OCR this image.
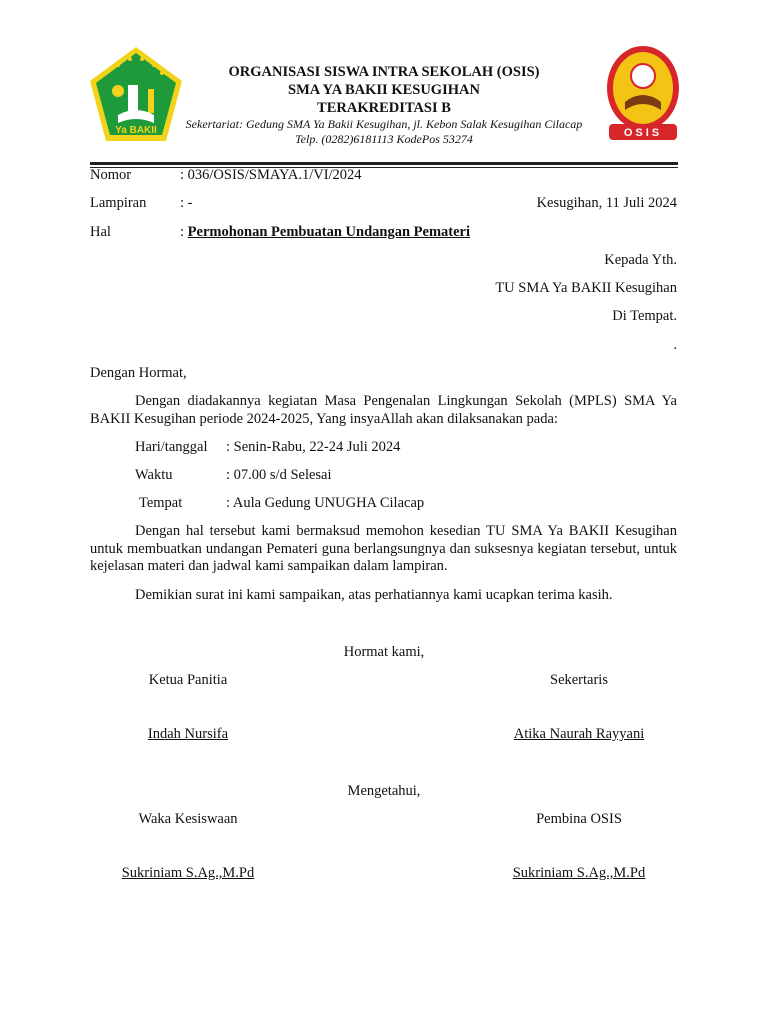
Ya BAKII	OSIS
ORGANISASI SISWA INTRA SEKOLAH (OSIS)
SMA YA BAKII KESUGIHAN
TERAKREDITASI B
Sekertariat: Gedung SMA Ya Bakii Kesugihan, jl. Kebon Salak Kesugihan Cilacap
Telp. (0282)6181113 KodePos 53274
Nomor	: 036/OSIS/SMAYA.1/VI/2024
Lampiran : -	Kesugihan, 11 Juli 2024
Hal	: Permohonan Pembuatan Undangan Pemateri
Kepada Yth.
TU SMA Ya BAKII Kesugihan
Di Tempat.
.
Dengan Hormat,

Dengan diadakannya kegiatan Masa Pengenalan Lingkungan Sekolah (MPLS) SMA Ya BAKII Kesugihan periode 2024-2025, Yang insyaAllah akan dilaksanakan pada:

Hari/tanggal : Senin-Rabu, 22-24 Juli 2024
Waktu	: 07.00 s/d Selesai
Tempat	: Aula Gedung UNUGHA Cilacap

Dengan hal tersebut kami bermaksud memohon kesedian TU SMA Ya BAKII Kesugihan untuk membuatkan undangan Pemateri guna berlangsungnya dan suksesnya kegiatan tersebut, untuk kejelasan materi dan jadwal kami sampaikan dalam lampiran.

Demikian surat ini kami sampaikan, atas perhatiannya kami ucapkan terima kasih.

Hormat kami,
Ketua Panitia	Sekertaris
Indah Nursifa	Atika Naurah Rayyani
Mengetahui,
Waka Kesiswaan	Pembina OSIS
Sukriniam S.Ag.,M.Pd	Sukriniam S.Ag.,M.Pd
